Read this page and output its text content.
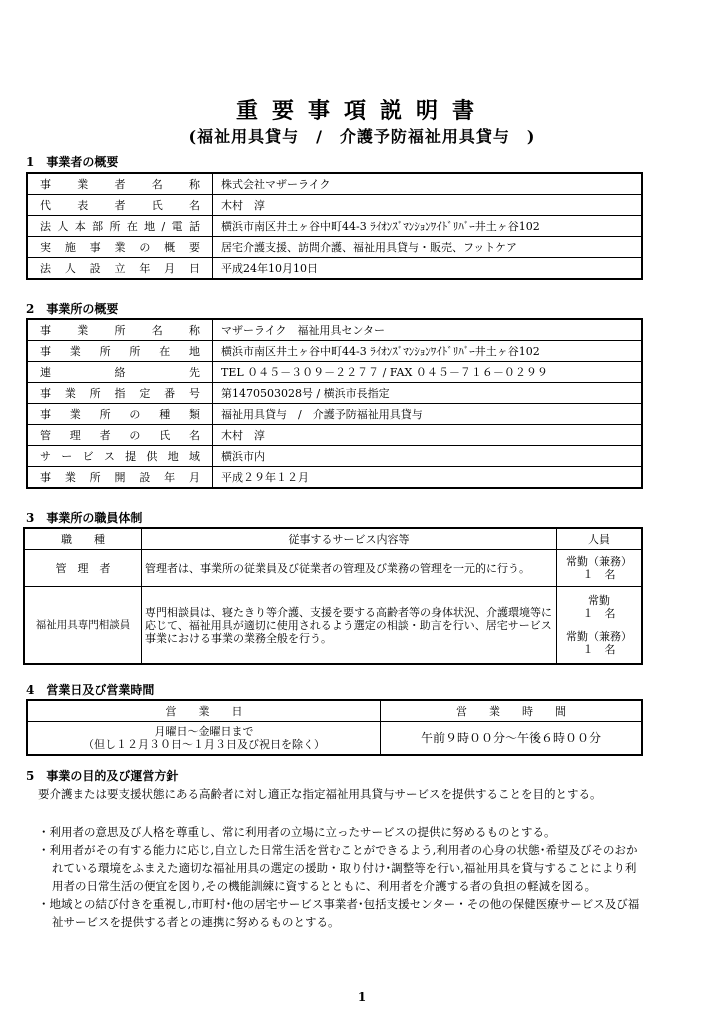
重要事項説明書
(福祉用具貸与　/　介護予防福祉用具貸与　)
1　事業者の概要
事業者名称	株式会社マザーライク
代表者氏名	木村　淳
法人本部所在地/電話	横浜市南区井土ヶ谷中町44-3 ﾗｲｵﾝｽﾞﾏﾝｼｮﾝﾜｲﾄﾞﾘﾊﾞｰ井土ヶ谷102
実施事業の概要	居宅介護支援、訪問介護、福祉用具貸与・販売、フットケア
法人設立年月日	平成24年10月10日
2　事業所の概要
事業所名称	マザーライク　福祉用具センター
事業所所在地	横浜市南区井土ヶ谷中町44-3 ﾗｲｵﾝｽﾞﾏﾝｼｮﾝﾜｲﾄﾞﾘﾊﾞｰ井土ヶ谷102
連絡先	TEL ０４５－３０９－２２７７ / FAX ０４５－７１６－０２９９
事業所指定番号	第1470503028号 / 横浜市長指定
事業所の種類	福祉用具貸与　/　介護予防福祉用具貸与
管理者の氏名	木村　淳
サービス提供地域	横浜市内
事業所開設年月	平成２９年１２月
3　事業所の職員体制
職　　種	従事するサービス内容等	人員
管　理　者	管理者は、事業所の従業員及び従業者の管理及び業務の管理を一元的に行う。	常勤（兼務）
１　名

福祉用具専門相談員	専門相談員は、寝たきり等介護、支援を要する高齢者等の身体状況、介護環境等に応じて、福祉用具が適切に使用されるよう選定の相談・助言を行い、居宅サービス事業における事業の業務全般を行う。	常勤
１　名
常勤（兼務）
１　名
4　営業日及び営業時間
営　　業　　日	営　　業　　時　　間

月曜日～金曜日まで
（但し１２月３０日～１月３日及び祝日を除く）	午前９時００分～午後６時００分
5　事業の目的及び運営方針
要介護または要支援状態にある高齢者に対し適正な指定福祉用具貸与サービスを提供することを目的とする。
・利用者の意思及び人格を尊重し、常に利用者の立場に立ったサービスの提供に努めるものとする。
・利用者がその有する能力に応じ,自立した日常生活を営むことができるよう,利用者の心身の状態･希望及びそのおかれている環境をふまえた適切な福祉用具の選定の援助・取り付け･調整等を行い,福祉用具を貸与することにより利用者の日常生活の便宜を図り,その機能訓練に資するとともに、利用者を介護する者の負担の軽減を図る。
・地域との結び付きを重視し,市町村･他の居宅サービス事業者･包括支援センター・その他の保健医療サービス及び福祉サービスを提供する者との連携に努めるものとする。
1
